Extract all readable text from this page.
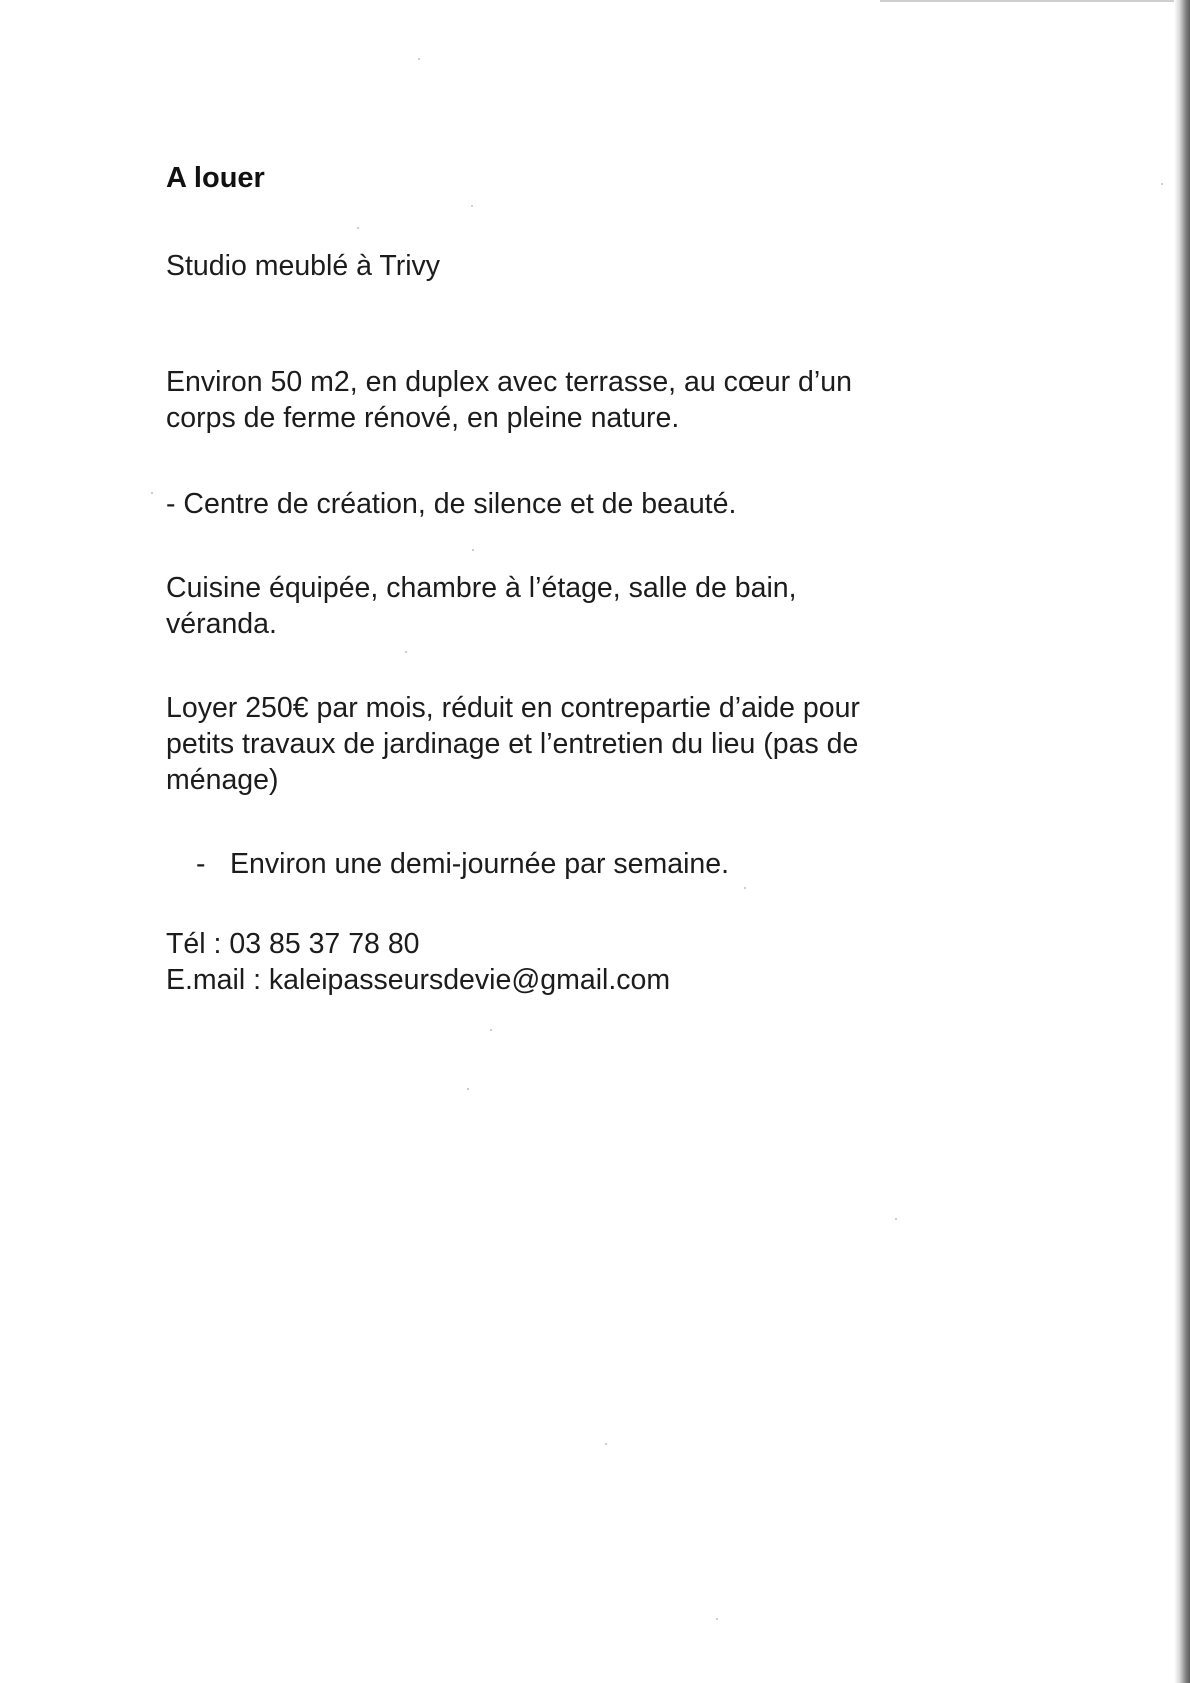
A louer
Studio meublé à Trivy
Environ 50 m2, en duplex avec terrasse, au cœur d’un
corps de ferme rénové, en pleine nature.
- Centre de création, de silence et de beauté.
Cuisine équipée, chambre à l’étage, salle de bain,
véranda.
Loyer 250€ par mois, réduit en contrepartie d’aide pour
petits travaux de jardinage et l’entretien du lieu (pas de
ménage)
- Environ une demi-journée par semaine.
Tél : 03 85 37 78 80
E.mail : kaleipasseursdevie@gmail.com
